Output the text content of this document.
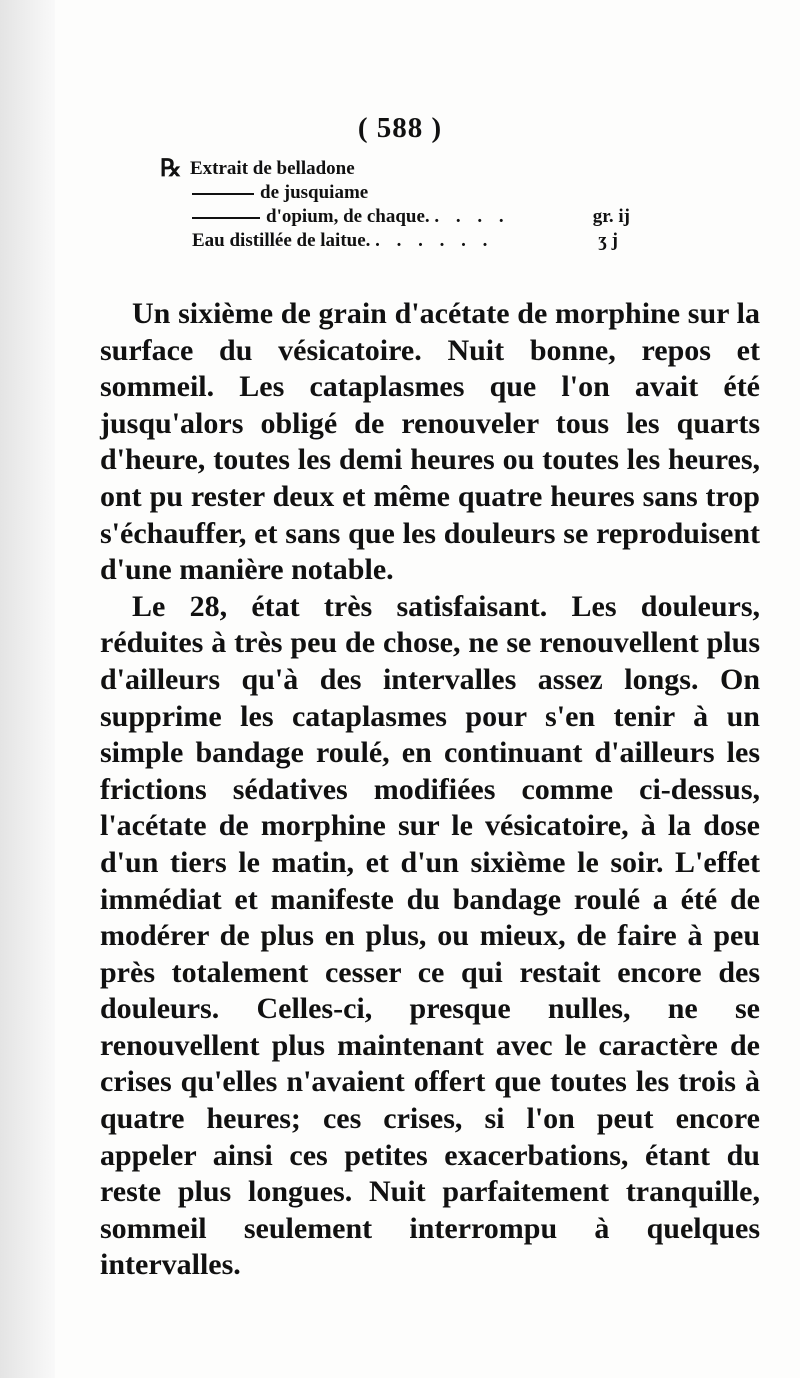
( 588 )

℞

Extrait de belladone

de jusquiame

d'opium, de chaque. . . . .

	gr. ij

Eau distillée de laitue. . . . . . .

	ʒ j

Un sixième de grain d'acétate de morphine sur la surface du vésicatoire. Nuit bonne, repos et sommeil. Les cataplasmes que l'on avait été jusqu'alors obligé de renouveler tous les quarts d'heure, toutes les demi heures ou toutes les heures, ont pu rester deux et même quatre heures sans trop s'échauffer, et sans que les douleurs se reproduisent d'une manière notable.

Le 28, état très satisfaisant. Les douleurs, réduites à très peu de chose, ne se renouvellent plus d'ailleurs qu'à des intervalles assez longs. On supprime les cataplasmes pour s'en tenir à un simple bandage roulé, en continuant d'ailleurs les frictions sédatives modifiées comme ci-dessus, l'acétate de morphine sur le vésicatoire, à la dose d'un tiers le matin, et d'un sixième le soir. L'effet immédiat et manifeste du bandage roulé a été de modérer de plus en plus, ou mieux, de faire à peu près totalement cesser ce qui restait encore des douleurs. Celles-ci, presque nulles, ne se renouvellent plus maintenant avec le caractère de crises qu'elles n'avaient offert que toutes les trois à quatre heures; ces crises, si l'on peut encore appeler ainsi ces petites exacerbations, étant du reste plus longues. Nuit parfaitement tranquille, sommeil seulement interrompu à quelques intervalles.
